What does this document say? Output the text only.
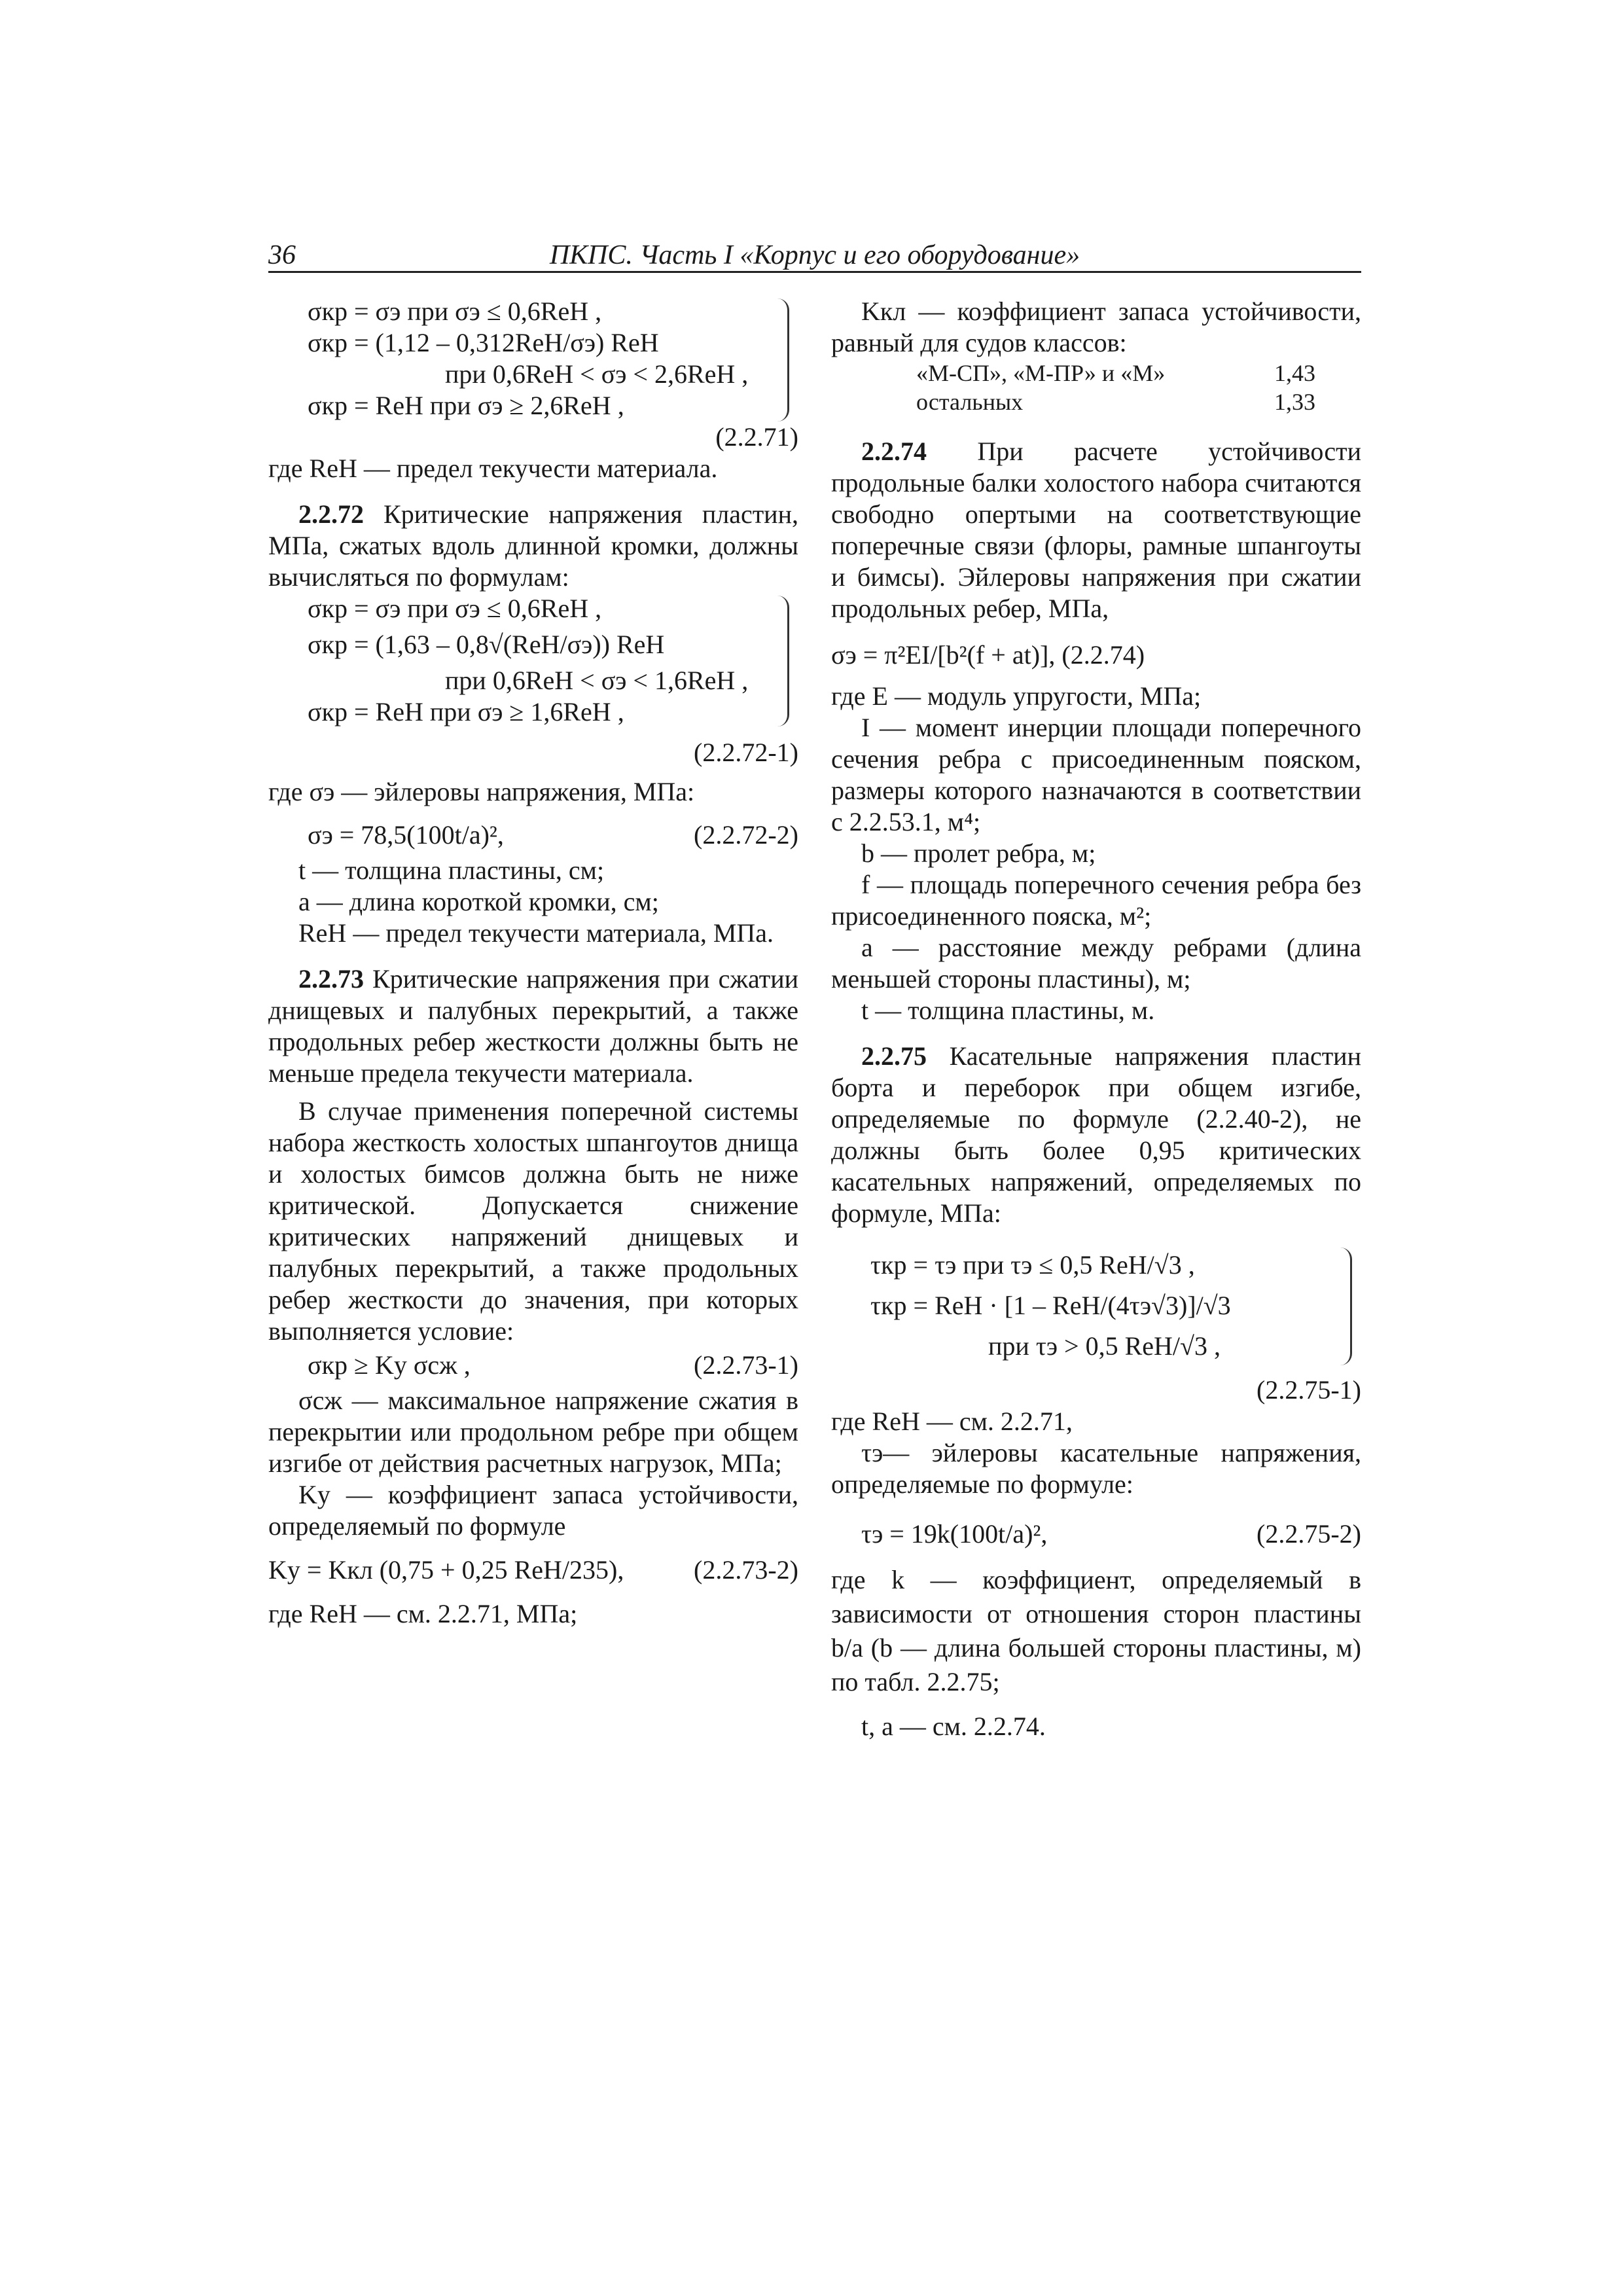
36	ПКПС. Часть I «Корпус и его оборудование»

σкр = σэ при σэ ≤ 0,6ReH ,

σкр = (1,12 – 0,312ReH/σэ) ReH

при 0,6ReH < σэ < 2,6ReH ,

σкр = ReH при σэ ≥ 2,6ReH ,

(2.2.71)

где ReH — предел текучести материала.

2.2.72 Критические напряжения пластин, МПа, сжатых вдоль длинной кромки, должны вычисляться по формулам:

σкр = σэ при σэ ≤ 0,6ReH ,

σкр = (1,63 – 0,8√(ReH/σэ)) ReH

при 0,6ReH < σэ < 1,6ReH ,

σкр = ReH при σэ ≥ 1,6ReH ,

(2.2.72-1)

где σэ — эйлеровы напряжения, МПа:

σэ = 78,5(100t/a)²,	(2.2.72-2)

t — толщина пластины, см;

a — длина короткой кромки, см;

ReH — предел текучести материала, МПа.

2.2.73 Критические напряжения при сжатии днищевых и палубных перекрытий, а также продольных ребер жесткости должны быть не меньше предела текучести материала.

В случае применения поперечной системы набора жесткость холостых шпангоутов днища и холостых бимсов должна быть не ниже критической. Допускается снижение критических напряжений днищевых и палубных перекрытий, а также продольных ребер жесткости до значения, при которых выполняется условие:

σкр ≥ Kу σсж ,	(2.2.73-1)

σсж — максимальное напряжение сжатия в перекрытии или продольном ребре при общем изгибе от действия расчетных нагрузок, МПа;

Kу — коэффициент запаса устойчивости, определяемый по формуле

Kу = Kкл (0,75 + 0,25 ReH/235),	(2.2.73-2)

где ReH — см. 2.2.71, МПа;

Kкл — коэффициент запаса устойчивости, равный для судов классов:

«М-СП», «М-ПР» и «М»	1,43
остальных	1,33

2.2.74 При расчете устойчивости продольные балки холостого набора считаются свободно опертыми на соответствующие поперечные связи (флоры, рамные шпангоуты и бимсы). Эйлеровы напряжения при сжатии продольных ребер, МПа,

σэ = π²EI/[b²(f + at)], (2.2.74)

где E — модуль упругости, МПа;

I — момент инерции площади поперечного сечения ребра с присоединенным пояском, размеры которого назначаются в соответствии с 2.2.53.1, м⁴;

b — пролет ребра, м;

f — площадь поперечного сечения ребра без присоединенного пояска, м²;

a — расстояние между ребрами (длина меньшей стороны пластины), м;

t — толщина пластины, м.

2.2.75 Касательные напряжения пластин борта и переборок при общем изгибе, определяемые по формуле (2.2.40-2), не должны быть более 0,95 критических касательных напряжений, определяемых по формуле, МПа:

τкр = τэ при τэ ≤ 0,5 ReH/√3 ,

τкр = ReH · [1 – ReH/(4τэ√3)]/√3

при τэ > 0,5 ReH/√3 ,

(2.2.75-1)

где ReH — см. 2.2.71,

τэ— эйлеровы касательные напряжения, определяемые по формуле:

τэ = 19k(100t/a)²,	(2.2.75-2)

где k — коэффициент, определяемый в зависимости от отношения сторон пластины b/a (b — длина большей стороны пластины, м) по табл. 2.2.75;

t, a — см. 2.2.74.
